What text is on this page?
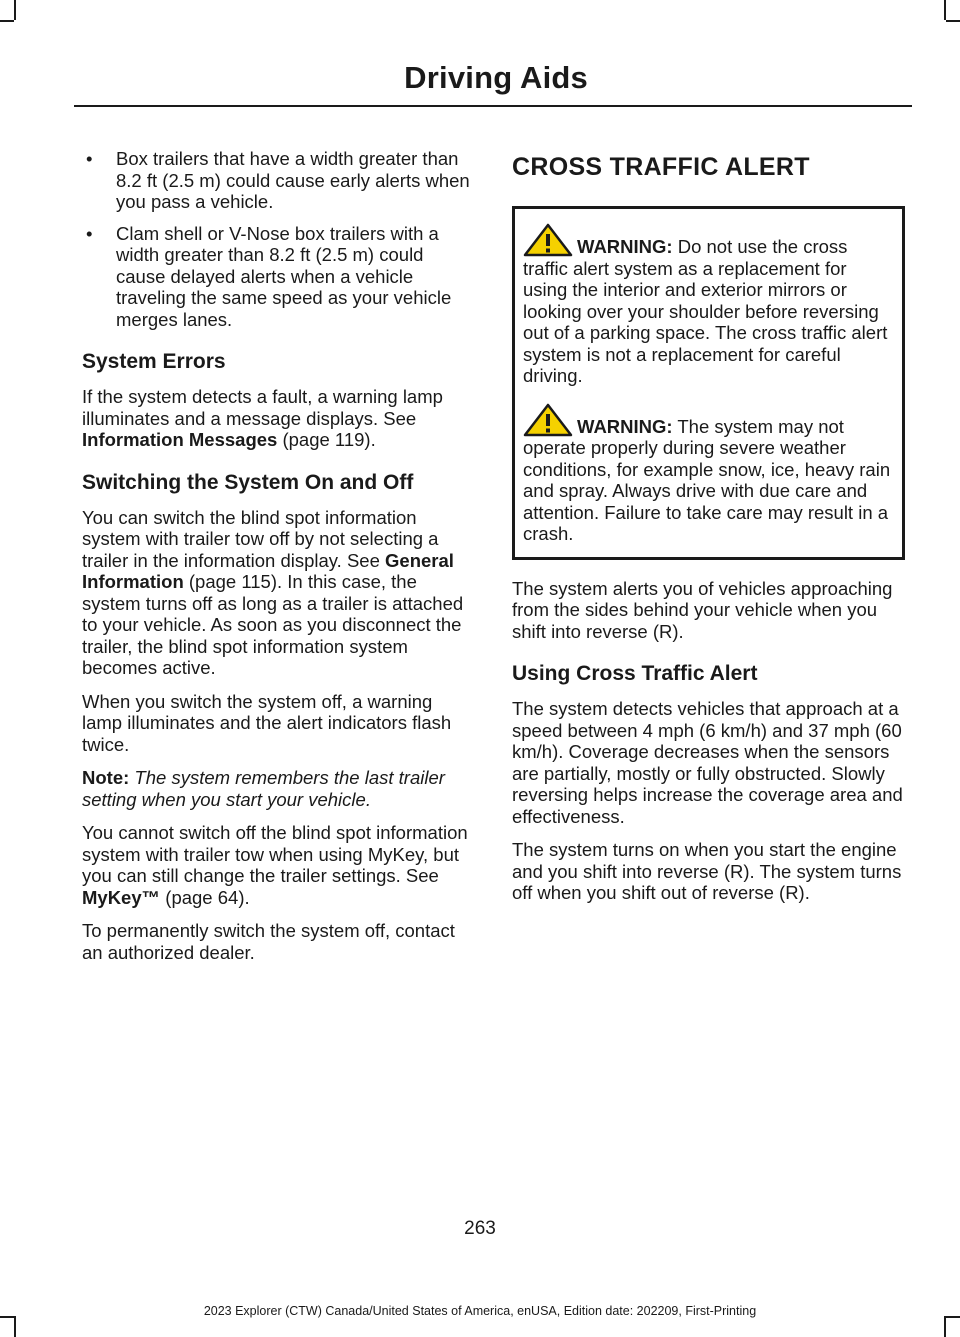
Driving Aids
• Box trailers that have a width greater than 8.2 ft (2.5 m) could cause early alerts when you pass a vehicle.
• Clam shell or V-Nose box trailers with a width greater than 8.2 ft (2.5 m) could cause delayed alerts when a vehicle traveling the same speed as your vehicle merges lanes.
System Errors

If the system detects a fault, a warning lamp illuminates and a message displays. See Information Messages (page 119).

Switching the System On and Off

You can switch the blind spot information system with trailer tow off by not selecting a trailer in the information display. See General Information (page 115). In this case, the system turns off as long as a trailer is attached to your vehicle. As soon as you disconnect the trailer, the blind spot information system becomes active.

When you switch the system off, a warning lamp illuminates and the alert indicators flash twice.

Note: The system remembers the last trailer setting when you start your vehicle.

You cannot switch off the blind spot information system with trailer tow when using MyKey, but you can still change the trailer settings. See MyKey™ (page 64).

To permanently switch the system off, contact an authorized dealer.

CROSS TRAFFIC ALERT

WARNING: Do not use the cross traffic alert system as a replacement for using the interior and exterior mirrors or looking over your shoulder before reversing out of a parking space. The cross traffic alert system is not a replacement for careful driving.

WARNING: The system may not operate properly during severe weather conditions, for example snow, ice, heavy rain and spray. Always drive with due care and attention. Failure to take care may result in a crash.

The system alerts you of vehicles approaching from the sides behind your vehicle when you shift into reverse (R).

Using Cross Traffic Alert

The system detects vehicles that approach at a speed between 4 mph (6 km/h) and 37 mph (60 km/h). Coverage decreases when the sensors are partially, mostly or fully obstructed. Slowly reversing helps increase the coverage area and effectiveness.

The system turns on when you start the engine and you shift into reverse (R). The system turns off when you shift out of reverse (R).

263
2023 Explorer (CTW) Canada/United States of America, enUSA, Edition date: 202209, First-Printing
